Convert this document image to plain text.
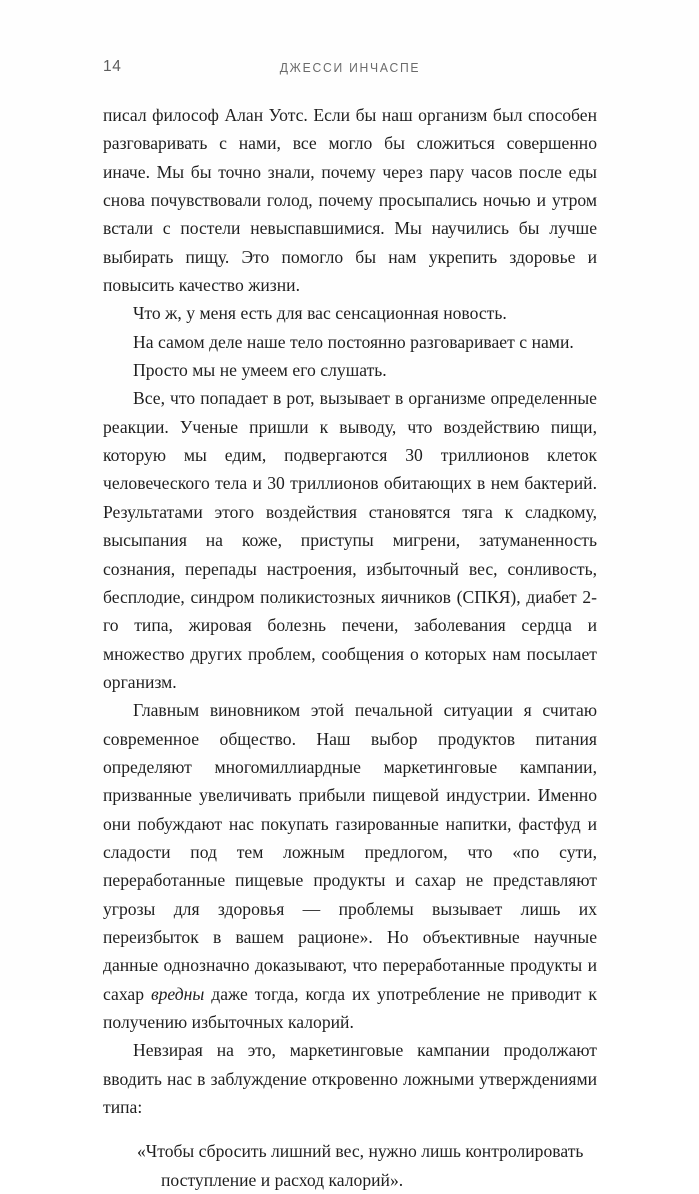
14	ДЖЕССИ ИНЧАСПЕ

писал философ Алан Уотс. Если бы наш организм был способен разговаривать с нами, все могло бы сложиться совершенно иначе. Мы бы точно знали, почему через пару часов после еды снова почувствовали голод, почему просыпались ночью и утром встали с постели невыспавшимися. Мы научились бы лучше выбирать пищу. Это помогло бы нам укрепить здоровье и повысить качество жизни.

Что ж, у меня есть для вас сенсационная новость.

На самом деле наше тело постоянно разговаривает с нами.

Просто мы не умеем его слушать.

Все, что попадает в рот, вызывает в организме определенные реакции. Ученые пришли к выводу, что воздействию пищи, которую мы едим, подвергаются 30 триллионов клеток человеческого тела и 30 триллионов обитающих в нем бактерий. Результатами этого воздействия становятся тяга к сладкому, высыпания на коже, приступы мигрени, затуманенность сознания, перепады настроения, избыточный вес, сонливость, бесплодие, синдром поликистозных яичников (СПКЯ), диабет 2-го типа, жировая болезнь печени, заболевания сердца и множество других проблем, сообщения о которых нам посылает организм.

Главным виновником этой печальной ситуации я считаю современное общество. Наш выбор продуктов питания определяют многомиллиардные маркетинговые кампании, призванные увеличивать прибыли пищевой индустрии. Именно они побуждают нас покупать газированные напитки, фастфуд и сладости под тем ложным предлогом, что «по сути, переработанные пищевые продукты и сахар не представляют угрозы для здоровья — проблемы вызывает лишь их переизбыток в вашем рационе». Но объективные научные данные однозначно доказывают, что переработанные продукты и сахар вредны даже тогда, когда их употребление не приводит к получению избыточных калорий.

Невзирая на это, маркетинговые кампании продолжают вводить нас в заблуждение откровенно ложными утверждениями типа:

«Чтобы сбросить лишний вес, нужно лишь контролировать
поступление и расход калорий».
